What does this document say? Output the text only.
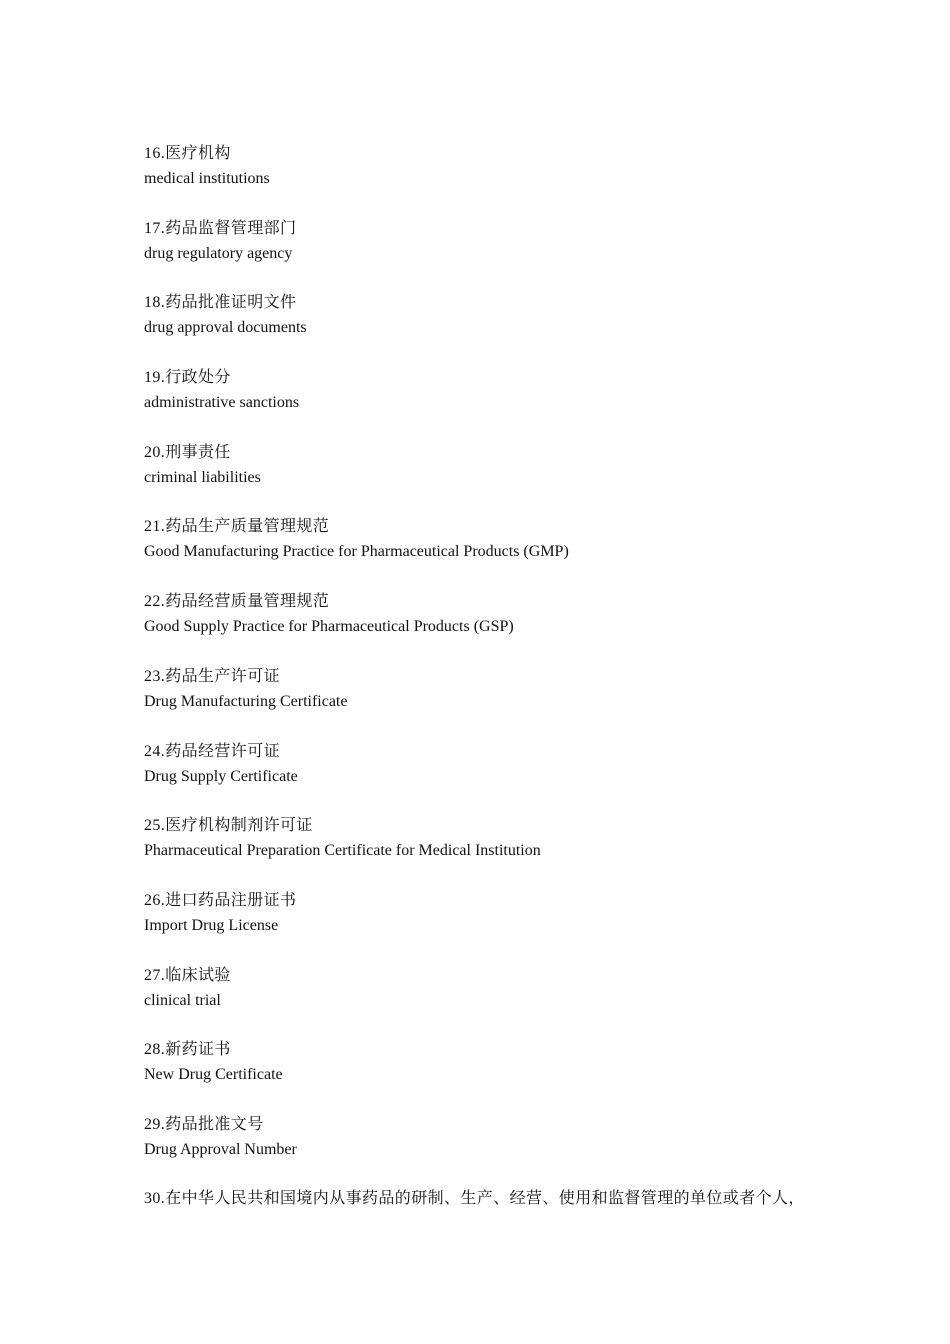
16.医疗机构
medical institutions
17.药品监督管理部门
drug regulatory agency
18.药品批准证明文件
drug approval documents
19.行政处分
administrative sanctions
20.刑事责任
criminal liabilities
21.药品生产质量管理规范
Good Manufacturing Practice for Pharmaceutical Products (GMP)
22.药品经营质量管理规范
Good Supply Practice for Pharmaceutical Products (GSP)
23.药品生产许可证
Drug Manufacturing Certificate
24.药品经营许可证
Drug Supply Certificate
25.医疗机构制剂许可证
Pharmaceutical Preparation Certificate for Medical Institution
26.进口药品注册证书
Import Drug License
27.临床试验
clinical trial
28.新药证书
New Drug Certificate
29.药品批准文号
Drug Approval Number
30.在中华人民共和国境内从事药品的研制、生产、经营、使用和监督管理的单位或者个人，
